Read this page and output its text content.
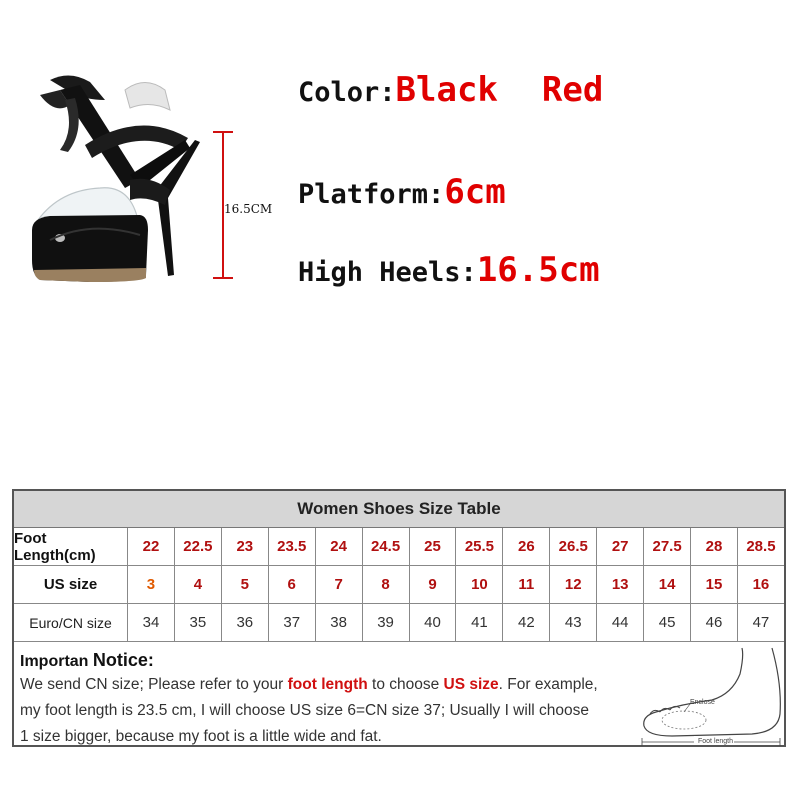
16.5CM
Color:Black Red
Platform:6cm
High Heels:16.5cm
Women Shoes Size Table
Foot Length(cm)	22	22.5	23	23.5	24	24.5	25	25.5	26	26.5	27	27.5	28	28.5
US size	3	4	5	6	7	8	9	10	11	12	13	14	15	16
Euro/CN size	34	35	36	37	38	39	40	41	42	43	44	45	46	47
Importan Notice:
We send CN size; Please refer to your foot length to choose US size. For example,
my foot length is 23.5 cm, I will choose US size 6=CN size 37; Usually I will choose
1 size bigger, because my foot is a little wide and fat.
Enclose
Foot length
